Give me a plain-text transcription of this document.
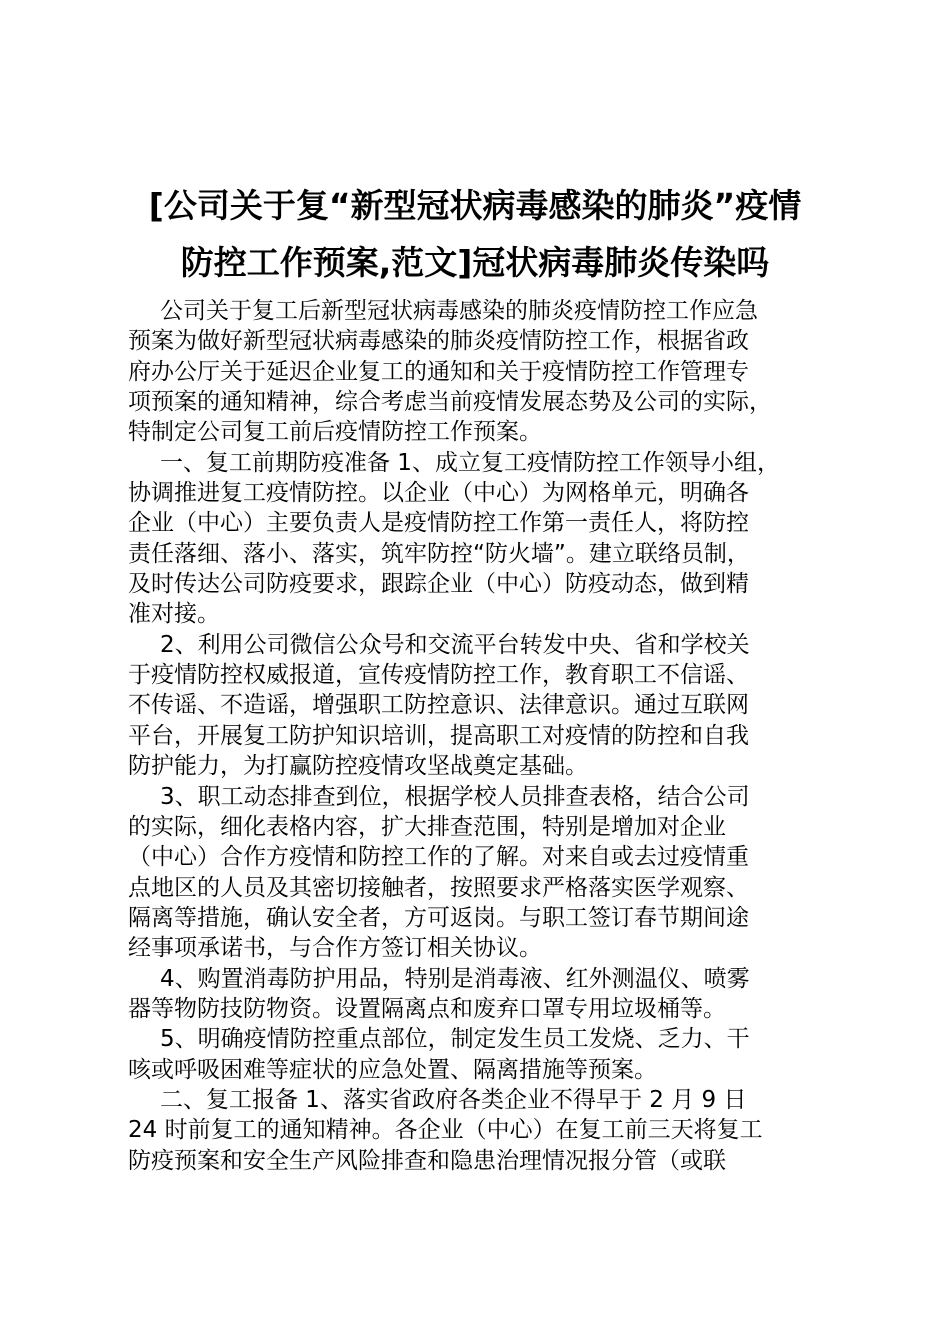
[公司关于复“新型冠状病毒感染的肺炎”疫情
防控工作预案,范文]冠状病毒肺炎传染吗

公司关于复工后新型冠状病毒感染的肺炎疫情防控工作应急
预案为做好新型冠状病毒感染的肺炎疫情防控工作，根据省政
府办公厅关于延迟企业复工的通知和关于疫情防控工作管理专
项预案的通知精神，综合考虑当前疫情发展态势及公司的实际，
特制定公司复工前后疫情防控工作预案。

一、复工前期防疫准备 1、成立复工疫情防控工作领导小组，
协调推进复工疫情防控。以企业（中心）为网格单元，明确各
企业（中心）主要负责人是疫情防控工作第一责任人，将防控
责任落细、落小、落实，筑牢防控“防火墙”。建立联络员制，
及时传达公司防疫要求，跟踪企业（中心）防疫动态，做到精
准对接。

2、利用公司微信公众号和交流平台转发中央、省和学校关
于疫情防控权威报道，宣传疫情防控工作，教育职工不信谣、
不传谣、不造谣，增强职工防控意识、法律意识。通过互联网
平台，开展复工防护知识培训，提高职工对疫情的防控和自我
防护能力，为打赢防控疫情攻坚战奠定基础。

3、职工动态排查到位，根据学校人员排查表格，结合公司
的实际，细化表格内容，扩大排查范围，特别是增加对企业
（中心）合作方疫情和防控工作的了解。对来自或去过疫情重
点地区的人员及其密切接触者，按照要求严格落实医学观察、
隔离等措施，确认安全者，方可返岗。与职工签订春节期间途
经事项承诺书，与合作方签订相关协议。

4、购置消毒防护用品，特别是消毒液、红外测温仪、喷雾
器等物防技防物资。设置隔离点和废弃口罩专用垃圾桶等。

5、明确疫情防控重点部位，制定发生员工发烧、乏力、干
咳或呼吸困难等症状的应急处置、隔离措施等预案。

二、复工报备 1、落实省政府各类企业不得早于 2 月 9 日
24 时前复工的通知精神。各企业（中心）在复工前三天将复工
防疫预案和安全生产风险排查和隐患治理情况报分管（或联
